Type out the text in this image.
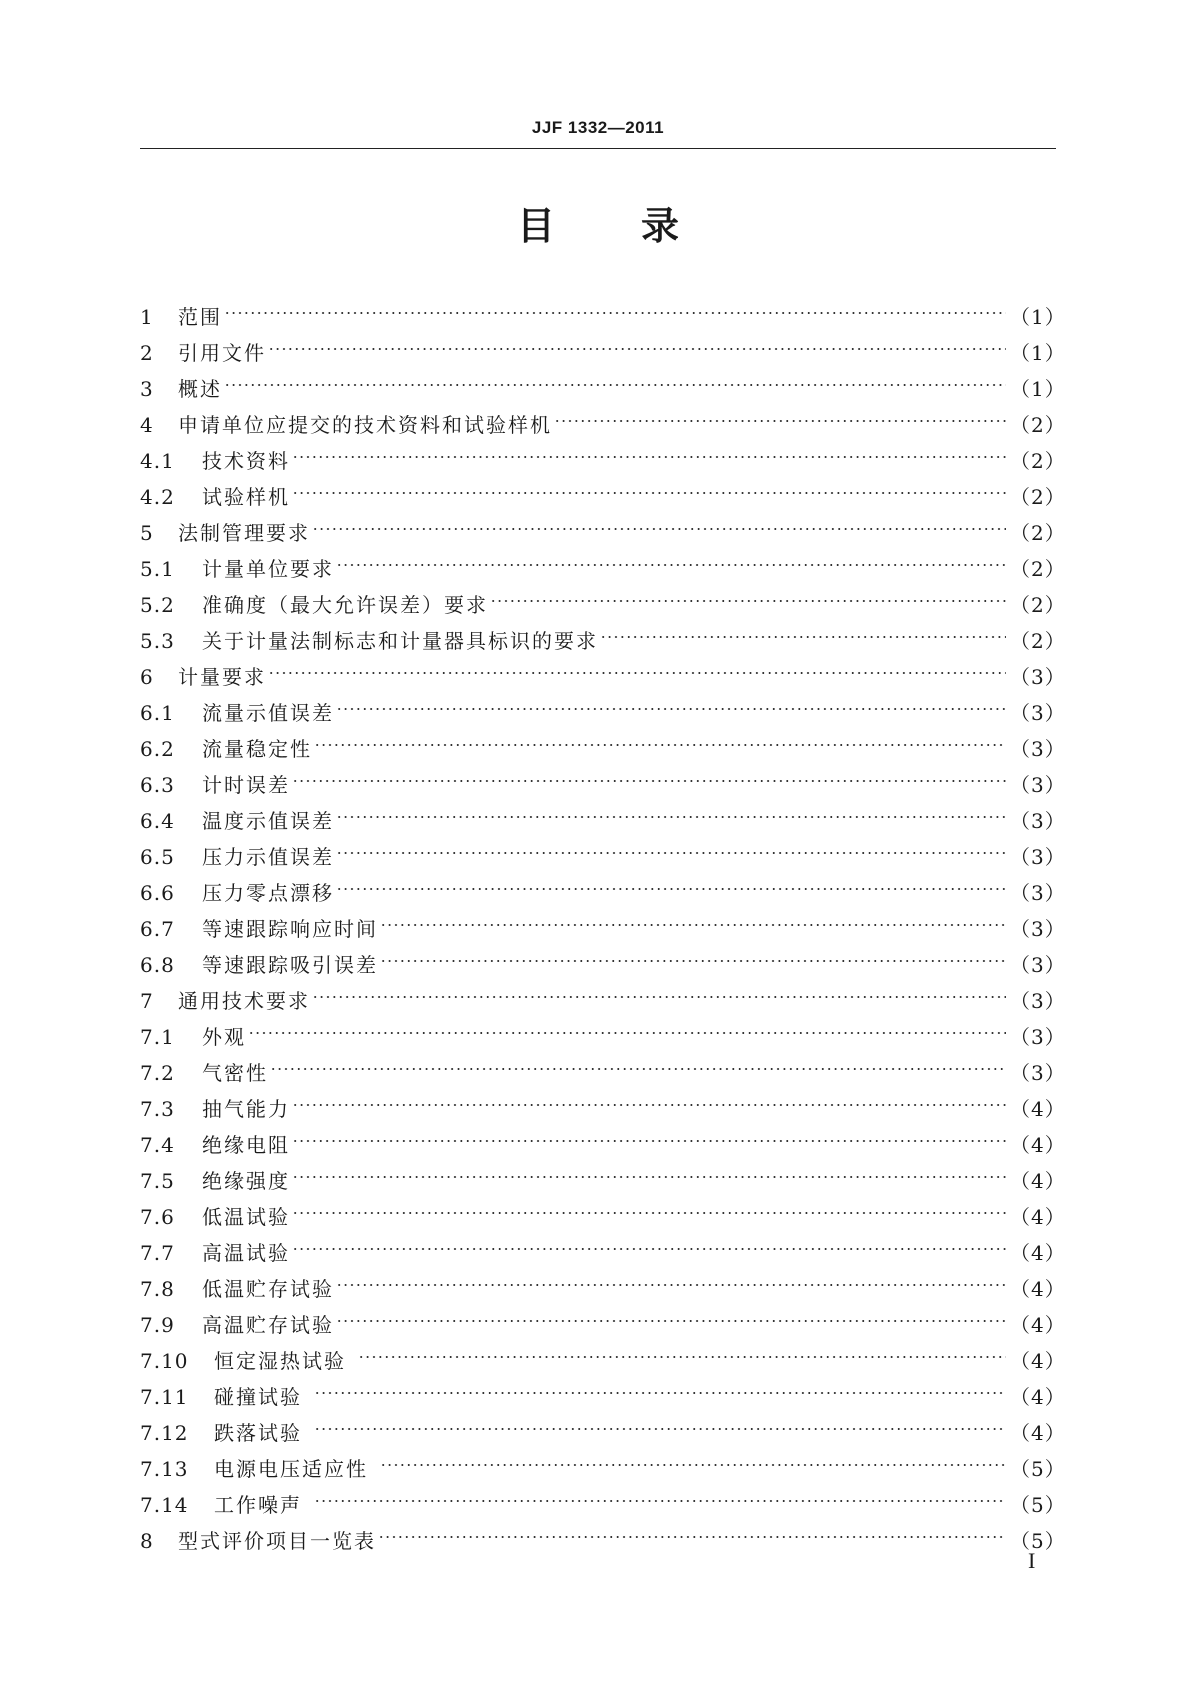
JJF 1332—2011
目录
1	范围	（1）
2	引用文件	（1）
3	概述	（1）
4	申请单位应提交的技术资料和试验样机	（2）
4.1	技术资料	（2）
4.2	试验样机	（2）
5	法制管理要求	（2）
5.1	计量单位要求	（2）
5.2	准确度（最大允许误差）要求	（2）
5.3	关于计量法制标志和计量器具标识的要求	（2）
6	计量要求	（3）
6.1	流量示值误差	（3）
6.2	流量稳定性	（3）
6.3	计时误差	（3）
6.4	温度示值误差	（3）
6.5	压力示值误差	（3）
6.6	压力零点漂移	（3）
6.7	等速跟踪响应时间	（3）
6.8	等速跟踪吸引误差	（3）
7	通用技术要求	（3）
7.1	外观	（3）
7.2	气密性	（3）
7.3	抽气能力	（4）
7.4	绝缘电阻	（4）
7.5	绝缘强度	（4）
7.6	低温试验	（4）
7.7	高温试验	（4）
7.8	低温贮存试验	（4）
7.9	高温贮存试验	（4）
7.10	恒定湿热试验	（4）
7.11	碰撞试验	（4）
7.12	跌落试验	（4）
7.13	电源电压适应性	（5）
7.14	工作噪声	（5）
8	型式评价项目一览表	（5）
I
